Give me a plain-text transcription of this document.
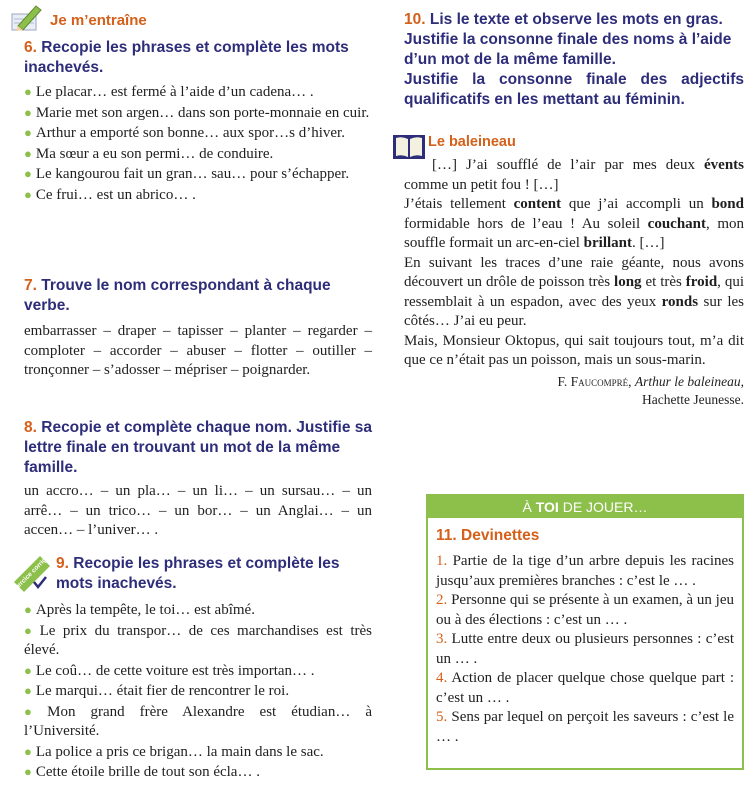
Je m’entraîne
6. Recopie les phrases et complète les mots inachevés.
● Le placar… est fermé à l’aide d’un cadena… .
● Marie met son argen… dans son porte-monnaie en cuir.
● Arthur a emporté son bonne… aux spor…s d’hiver.
● Ma sœur a eu son permi… de conduire.
● Le kangourou fait un gran… sau… pour s’échapper.
● Ce frui… est un abrico… .
7. Trouve le nom correspondant à chaque verbe.
embarrasser – draper – tapisser – planter – regarder – comploter – accorder – abuser – flotter – outiller – tronçonner – s’adosser – mépriser – poignarder.
8. Recopie et complète chaque nom. Justifie sa lettre finale en trouvant un mot de la même famille.
un accro… – un pla… – un li… – un sursau… – un arrê… – un trico… – un bor… – un Anglai… – un accen… – l’univer… .
Exercice corrigé 9. Recopie les phrases et complète les mots inachevés.
● Après la tempête, le toi… est abîmé.
● Le prix du transpor… de ces marchandises est très élevé.
● Le coû… de cette voiture est très importan… .
● Le marqui… était fier de rencontrer le roi.
● Mon grand frère Alexandre est étudian… à l’Université.
● La police a pris ce brigan… la main dans le sac.
● Cette étoile brille de tout son écla… .
10. Lis le texte et observe les mots en gras. Justifie la consonne finale des noms à l’aide d’un mot de la même famille.
Justifie la consonne finale des adjectifs qualificatifs en les mettant au féminin.
Le baleineau
[…] J’ai soufflé de l’air par mes deux évents comme un petit fou ! […]
J’étais tellement content que j’ai accompli un bond formidable hors de l’eau ! Au soleil couchant, mon souffle formait un arc-en-ciel brillant. […]
En suivant les traces d’une raie géante, nous avons découvert un drôle de poisson très long et très froid, qui ressemblait à un espadon, avec des yeux ronds sur les côtés… J’ai eu peur.
Mais, Monsieur Oktopus, qui sait toujours tout, m’a dit que ce n’était pas un poisson, mais un sous-marin.
F. Faucompré, Arthur le baleineau,
Hachette Jeunesse.
À TOI DE JOUER…
11. Devinettes
1. Partie de la tige d’un arbre depuis les racines jusqu’aux premières branches : c’est le … .
2. Personne qui se présente à un examen, à un jeu ou à des élections : c’est un … .
3. Lutte entre deux ou plusieurs personnes : c’est un … .
4. Action de placer quelque chose quelque part : c’est un … .
5. Sens par lequel on perçoit les saveurs : c’est le … .
